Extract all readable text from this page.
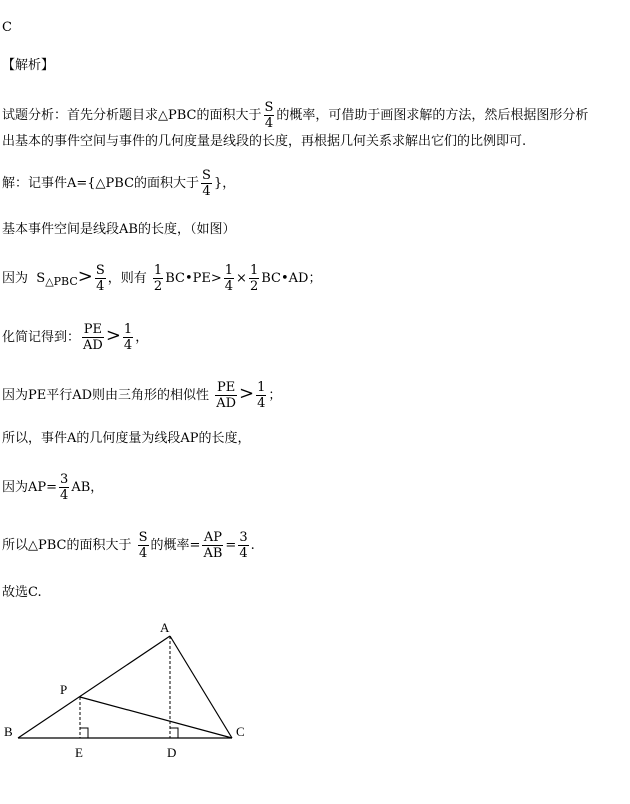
C
【解析】
试题分析：首先分析题目求△PBC的面积大于 $\frac{S}{4}$ 的概率，可借助于画图求解的方法，然后根据图形分析
出基本的事件空间与事件的几何度量是线段的长度，再根据几何关系求解出它们的比例即可.
解：记事件A={△PBC的面积大于 $\frac{S}{4}$ }，
基本事件空间是线段AB的长度，（如图）
因为 $S_{\triangle PBC}> \frac{S}{4}$ ，则有 $\frac{1}{2}$ BC•PE> $\frac{1}{4} \times \frac{1}{2}$ BC•AD；
化简记得到： $\frac{PE}{AD} > \frac{1}{4}$ ，
因为PE平行AD则由三角形的相似性 $\frac{PE}{AD} > \frac{1}{4}$ ；
所以，事件A的几何度量为线段AP的长度，
因为$AP= \frac{3}{4}$ AB，
所以△PBC的面积大于 $\frac{S}{4}$ 的概率= $\frac{AP}{AB} = \frac{3}{4}$ .
故选C.
A
P
B	C
E	D
